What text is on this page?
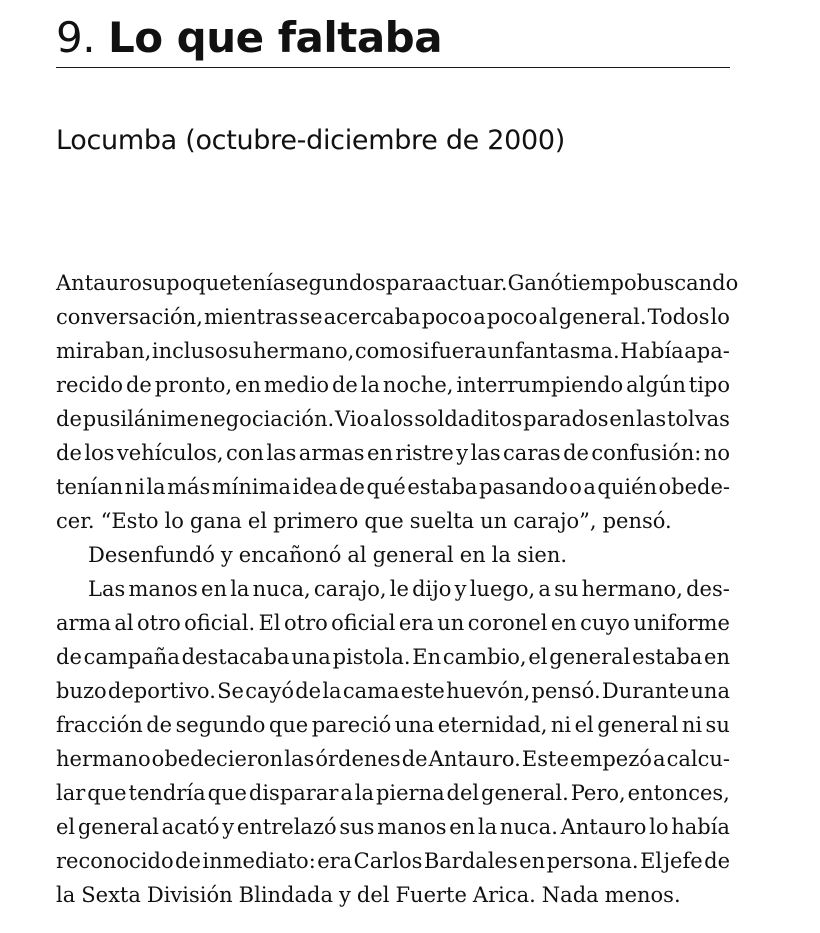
9. Lo que faltaba
Locumba (octubre-diciembre de 2000)
Antauro supo que tenía segundos para actuar. Ganó tiempo buscando
conversación, mientras se acercaba poco a poco al general. Todos lo
miraban, incluso su hermano, como si fuera un fantasma. Había apa-
recido de pronto, en medio de la noche, interrumpiendo algún tipo
de pusilánime negociación. Vio a los soldaditos parados en las tolvas
de los vehículos, con las armas en ristre y las caras de confusión: no
tenían ni la más mínima idea de qué estaba pasando o a quién obede-
cer. “Esto lo gana el primero que suelta un carajo”, pensó.
Desenfundó y encañonó al general en la sien.
Las manos en la nuca, carajo, le dijo y luego, a su hermano, des-
arma al otro oficial. El otro oficial era un coronel en cuyo uniforme
de campaña destacaba una pistola. En cambio, el general estaba en
buzo deportivo. Se cayó de la cama este huevón, pensó. Durante una
fracción de segundo que pareció una eternidad, ni el general ni su
hermano obedecieron las órdenes de Antauro. Este empezó a calcu-
lar que tendría que disparar a la pierna del general. Pero, entonces,
el general acató y entrelazó sus manos en la nuca. Antauro lo había
reconocido de inmediato: era Carlos Bardales en persona. El jefe de
la Sexta División Blindada y del Fuerte Arica. Nada menos.
